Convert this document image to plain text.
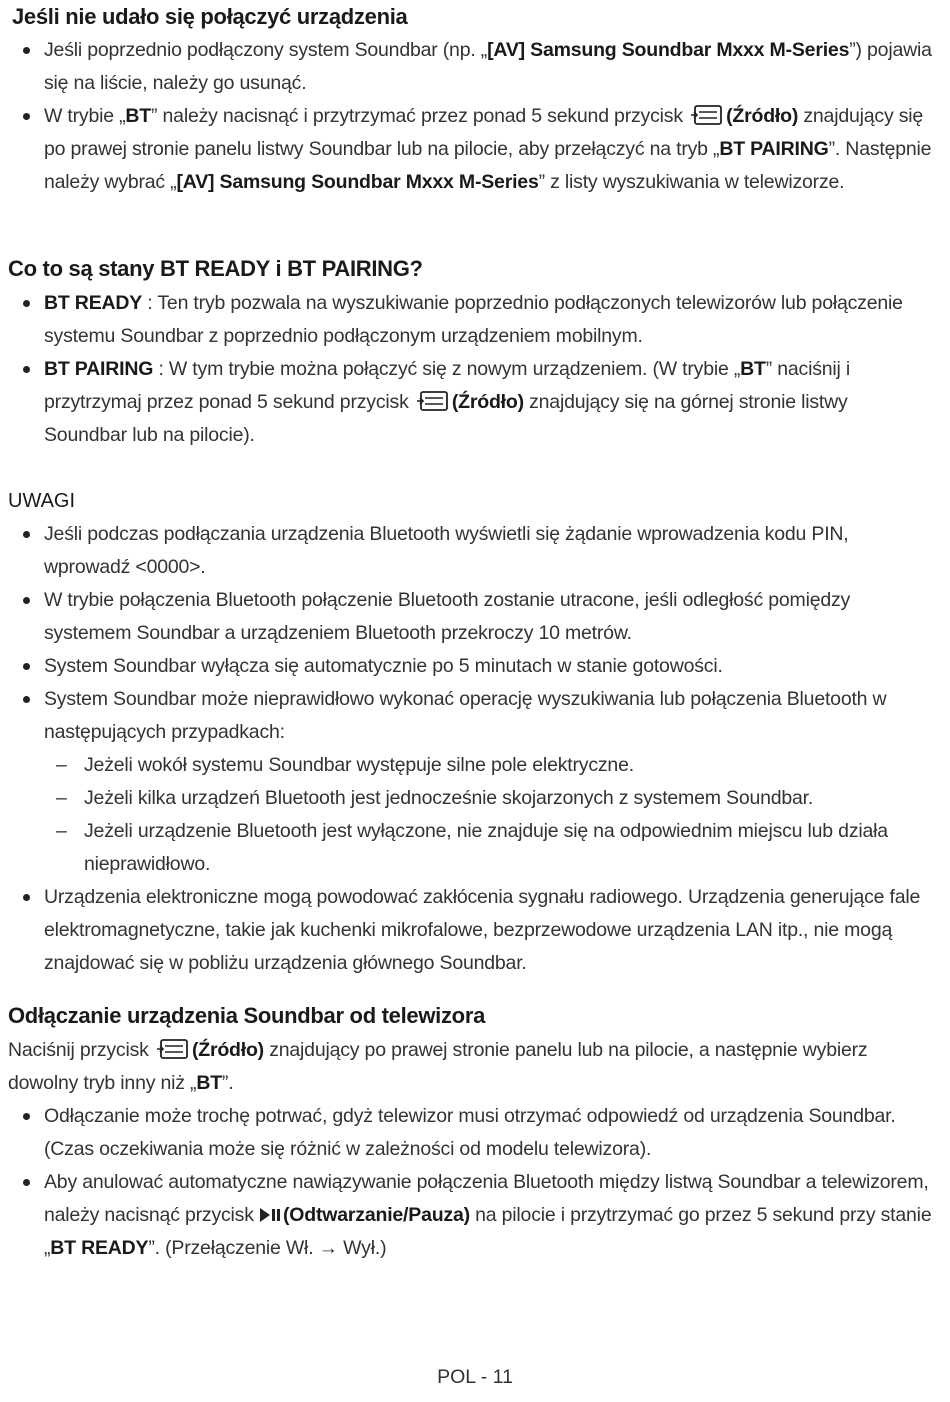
Jeśli nie udało się połączyć urządzenia

Jeśli poprzednio podłączony system Soundbar (np. „[AV] Samsung Soundbar Mxxx M-Series”) pojawia się na liście, należy go usunąć.

W trybie „BT” należy nacisnąć i przytrzymać przez ponad 5 sekund przycisk (Źródło) znajdujący się po prawej stronie panelu listwy Soundbar lub na pilocie, aby przełączyć na tryb „BT PAIRING”. Następnie należy wybrać „[AV] Samsung Soundbar Mxxx M-Series” z listy wyszukiwania w telewizorze.

Co to są stany BT READY i BT PAIRING?

BT READY : Ten tryb pozwala na wyszukiwanie poprzednio podłączonych telewizorów lub połączenie systemu Soundbar z poprzednio podłączonym urządzeniem mobilnym.

BT PAIRING : W tym trybie można połączyć się z nowym urządzeniem. (W trybie „BT” naciśnij i przytrzymaj przez ponad 5 sekund przycisk (Źródło) znajdujący się na górnej stronie listwy Soundbar lub na pilocie).

UWAGI

Jeśli podczas podłączania urządzenia Bluetooth wyświetli się żądanie wprowadzenia kodu PIN, wprowadź <0000>.

W trybie połączenia Bluetooth połączenie Bluetooth zostanie utracone, jeśli odległość pomiędzy systemem Soundbar a urządzeniem Bluetooth przekroczy 10 metrów.

System Soundbar wyłącza się automatycznie po 5 minutach w stanie gotowości.

System Soundbar może nieprawidłowo wykonać operację wyszukiwania lub połączenia Bluetooth w następujących przypadkach:

– Jeżeli wokół systemu Soundbar występuje silne pole elektryczne.

– Jeżeli kilka urządzeń Bluetooth jest jednocześnie skojarzonych z systemem Soundbar.

– Jeżeli urządzenie Bluetooth jest wyłączone, nie znajduje się na odpowiednim miejscu lub działa nieprawidłowo.

Urządzenia elektroniczne mogą powodować zakłócenia sygnału radiowego. Urządzenia generujące fale elektromagnetyczne, takie jak kuchenki mikrofalowe, bezprzewodowe urządzenia LAN itp., nie mogą znajdować się w pobliżu urządzenia głównego Soundbar.

Odłączanie urządzenia Soundbar od telewizora

Naciśnij przycisk (Źródło) znajdujący po prawej stronie panelu lub na pilocie, a następnie wybierz dowolny tryb inny niż „BT”.

Odłączanie może trochę potrwać, gdyż telewizor musi otrzymać odpowiedź od urządzenia Soundbar. (Czas oczekiwania może się różnić w zależności od modelu telewizora).

Aby anulować automatyczne nawiązywanie połączenia Bluetooth między listwą Soundbar a telewizorem, należy nacisnąć przycisk (Odtwarzanie/Pauza) na pilocie i przytrzymać go przez 5 sekund przy stanie „BT READY”. (Przełączenie Wł. → Wył.)

POL - 11
